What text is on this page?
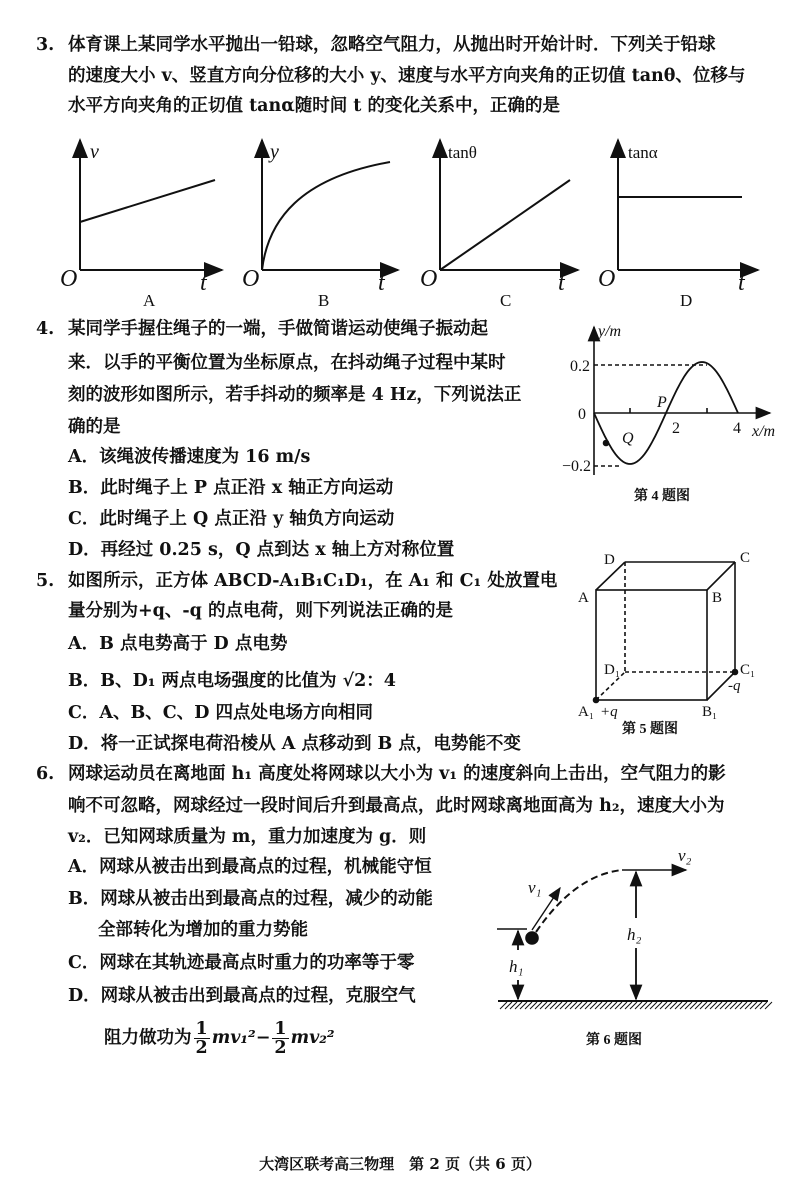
3. 体育课上某同学水平抛出一铅球，忽略空气阻力，从抛出时开始计时．下列关于铅球
的速度大小 v、竖直方向分位移的大小 y、速度与水平方向夹角的正切值 tanθ、位移与
水平方向夹角的正切值 tanα随时间 t 的变化关系中，正确的是
v
O	t
A
y
O	t
B
tanθ
O	t
C
tanα
O	t
D
y/m
0.2
0
−0.2
2	4 x/m
P
Q
第 4 题图
D	C
A	B
D₁	C₁
A₁	B₁
+q
-q
第 5 题图
v₁
v₂
h₂
h₁
第 6 题图
4. 某同学手握住绳子的一端，手做简谐运动使绳子振动起
来．以手的平衡位置为坐标原点，在抖动绳子过程中某时
刻的波形如图所示，若手抖动的频率是 4 Hz，下列说法正
确的是
A．该绳波传播速度为 16 m/s
B．此时绳子上 P 点正沿 x 轴正方向运动
C．此时绳子上 Q 点正沿 y 轴负方向运动
D．再经过 0.25 s，Q 点到达 x 轴上方对称位置
5. 如图所示，正方体 ABCD-A₁B₁C₁D₁，在 A₁ 和 C₁ 处放置电
量分别为+q、-q 的点电荷，则下列说法正确的是
A．B 点电势高于 D 点电势
B．B、D₁ 两点电场强度的比值为 √2：4
C．A、B、C、D 四点处电场方向相同
D．将一正试探电荷沿棱从 A 点移动到 B 点，电势能不变
6. 网球运动员在离地面 h₁ 高度处将网球以大小为 v₁ 的速度斜向上击出，空气阻力的影
响不可忽略，网球经过一段时间后升到最高点，此时网球离地面高为 h₂，速度大小为
v₂．已知网球质量为 m，重力加速度为 g．则
A．网球从被击出到最高点的过程，机械能守恒
B．网球从被击出到最高点的过程，减少的动能
全部转化为增加的重力势能
C．网球在其轨迹最高点时重力的功率等于零
D．网球从被击出到最高点的过程，克服空气
阻力做功为 $\frac{1}{2} mv_1^2- \frac{1}{2} mv_2^2$
大湾区联考高三物理　第 2 页（共 6 页）
